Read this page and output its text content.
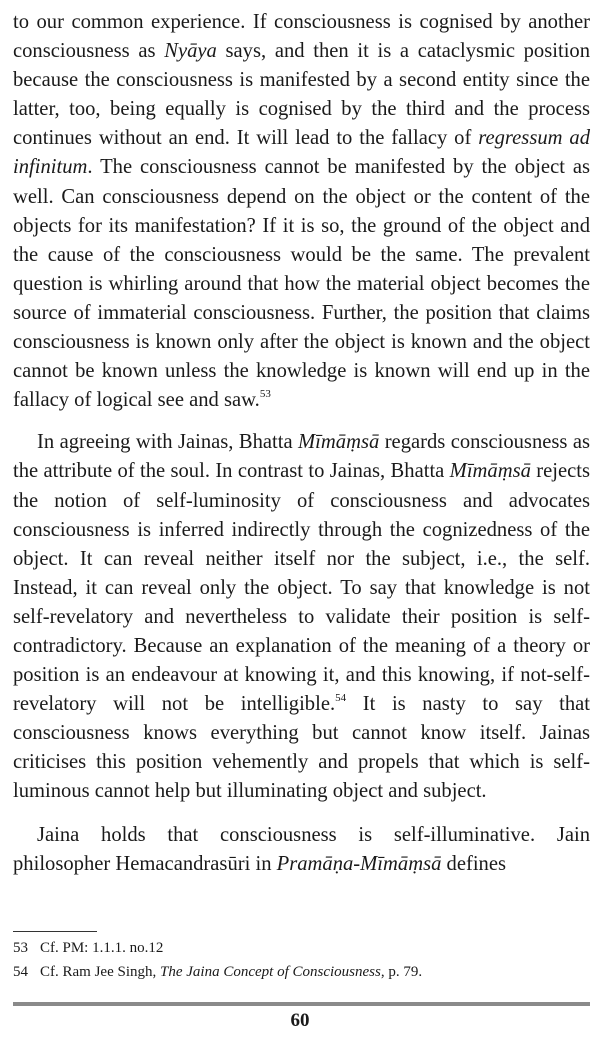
to our common experience. If consciousness is cognised by another consciousness as Nyāya says, and then it is a cataclysmic position because the consciousness is manifested by a second entity since the latter, too, being equally is cognised by the third and the process continues without an end. It will lead to the fallacy of regressum ad infinitum. The consciousness cannot be manifested by the object as well. Can consciousness depend on the object or the content of the objects for its manifestation? If it is so, the ground of the object and the cause of the consciousness would be the same. The prevalent question is whirling around that how the material object becomes the source of immaterial consciousness. Further, the position that claims consciousness is known only after the object is known and the object cannot be known unless the knowledge is known will end up in the fallacy of logical see and saw.$^{53}$

In agreeing with Jainas, Bhatta Mīmāṃsā regards consciousness as the attribute of the soul. In contrast to Jainas, Bhatta Mīmāṃsā rejects the notion of self-luminosity of consciousness and advocates consciousness is inferred indirectly through the cognizedness of the object. It can reveal neither itself nor the subject, i.e., the self. Instead, it can reveal only the object. To say that knowledge is not self-revelatory and nevertheless to validate their position is self-contradictory. Because an explanation of the meaning of a theory or position is an endeavour at knowing it, and this knowing, if not-self-revelatory will not be intelligible.$^{54}$ It is nasty to say that consciousness knows everything but cannot know itself. Jainas criticises this position vehemently and propels that which is self-luminous cannot help but illuminating object and subject.

Jaina holds that consciousness is self-illuminative. Jain philosopher Hemacandrasūri in Pramāṇa-Mīmāṃsā defines

53 Cf. PM: 1.1.1. no.12

54 Cf. Ram Jee Singh, The Jaina Concept of Consciousness, p. 79.

60
